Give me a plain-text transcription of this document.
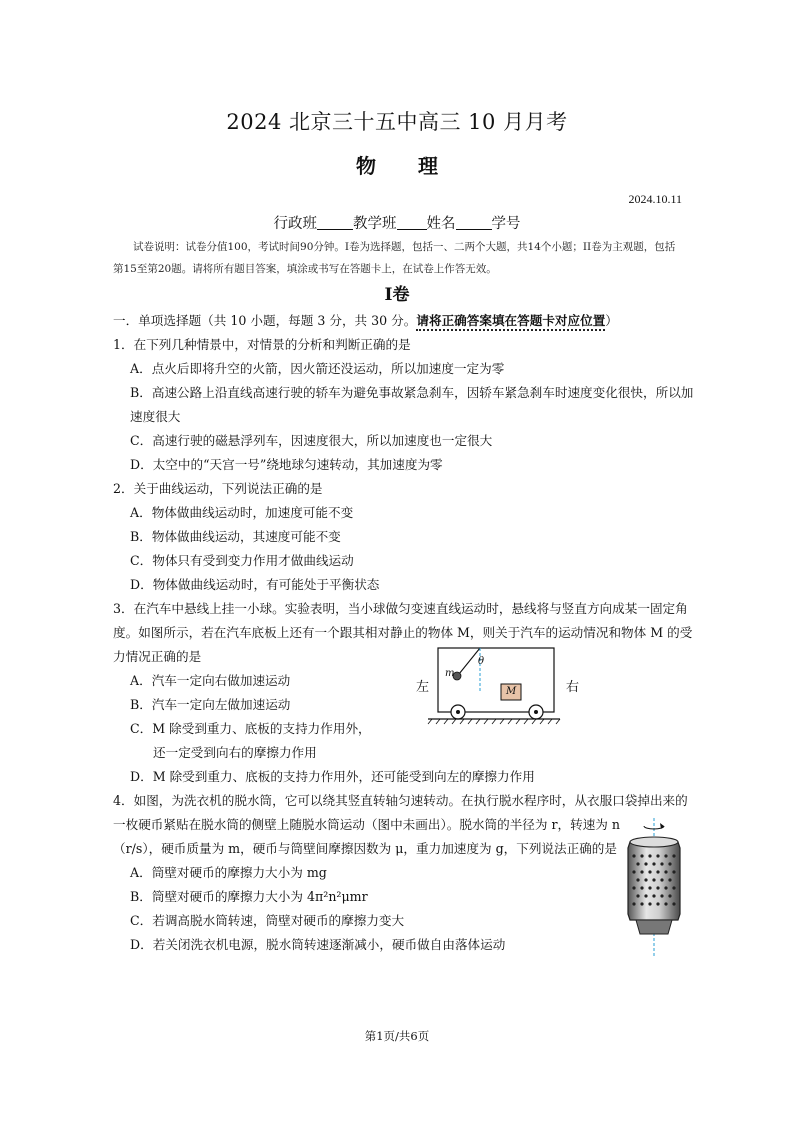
2024 北京三十五中高三 10 月月考
物理
2024.10.11
行政班 教学班 姓名 学号
试卷说明：试卷分值100，考试时间90分钟。I卷为选择题，包括一、二两个大题，共14个小题；II卷为主观题，包括第15至第20题。请将所有题目答案，填涂或书写在答题卡上，在试卷上作答无效。
I卷
一．单项选择题（共 10 小题，每题 3 分，共 30 分。请将正确答案填在答题卡对应位置）
1．在下列几种情景中，对情景的分析和判断正确的是
A．点火后即将升空的火箭，因火箭还没运动，所以加速度一定为零
B．高速公路上沿直线高速行驶的轿车为避免事故紧急刹车，因轿车紧急刹车时速度变化很快，所以加
速度很大
C．高速行驶的磁悬浮列车，因速度很大，所以加速度也一定很大
D．太空中的“天宫一号”绕地球匀速转动，其加速度为零
2．关于曲线运动，下列说法正确的是
A．物体做曲线运动时，加速度可能不变
B．物体做曲线运动，其速度可能不变
C．物体只有受到变力作用才做曲线运动
D．物体做曲线运动时，有可能处于平衡状态
3．在汽车中悬线上挂一小球。实验表明，当小球做匀变速直线运动时，悬线将与竖直方向成某一固定角
度。如图所示，若在汽车底板上还有一个跟其相对静止的物体 M，则关于汽车的运动情况和物体 M 的受
力情况正确的是
A．汽车一定向右做加速运动
B．汽车一定向左做加速运动
C．M 除受到重力、底板的支持力作用外，
还一定受到向右的摩擦力作用
D．M 除受到重力、底板的支持力作用外，还可能受到向左的摩擦力作用
左	右
m
θ
M
4．如图，为洗衣机的脱水筒，它可以绕其竖直转轴匀速转动。在执行脱水程序时，从衣服口袋掉出来的
一枚硬币紧贴在脱水筒的侧壁上随脱水筒运动（图中未画出）。脱水筒的半径为 r，转速为 n
（r/s），硬币质量为 m，硬币与筒壁间摩擦因数为 μ，重力加速度为 g，下列说法正确的是
A．筒壁对硬币的摩擦力大小为 mg
B．筒壁对硬币的摩擦力大小为 4π²n²μmr
C．若调高脱水筒转速，筒壁对硬币的摩擦力变大
D．若关闭洗衣机电源，脱水筒转速逐渐减小，硬币做自由落体运动
第1页/共6页
